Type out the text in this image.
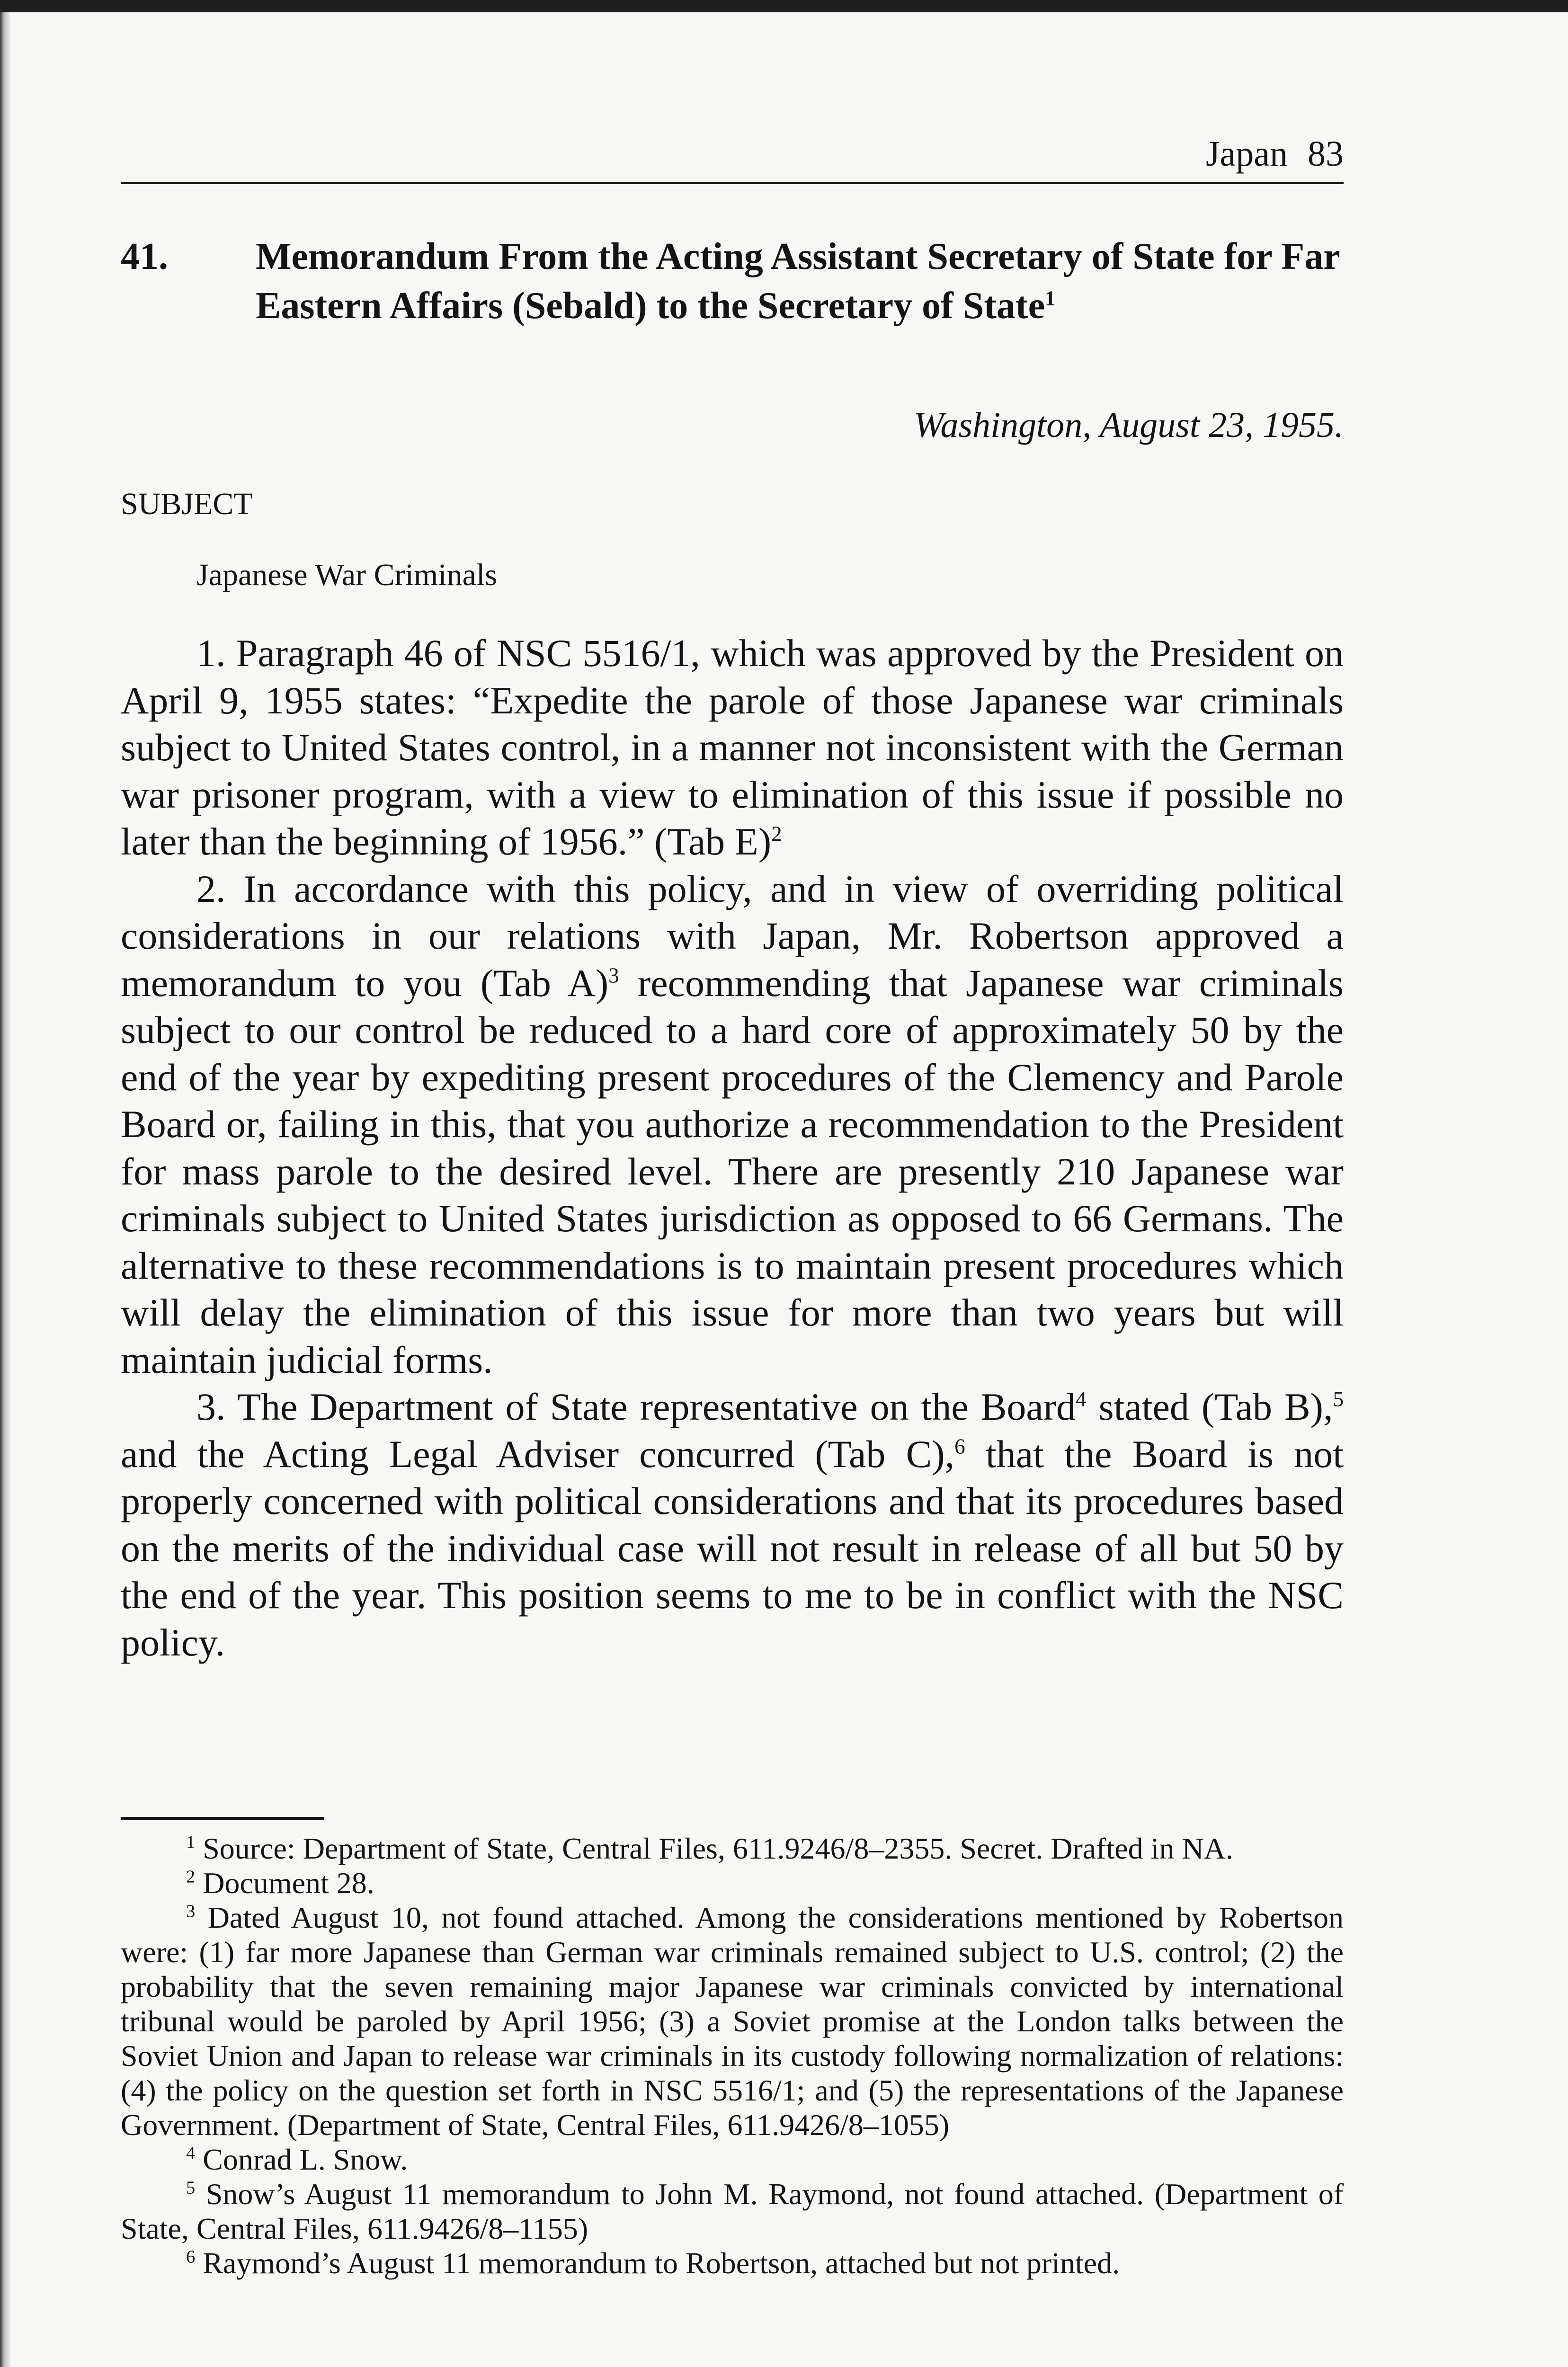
Japan 83
41. Memorandum From the Acting Assistant Secretary of State for Far Eastern Affairs (Sebald) to the Secretary of State$^1$
Washington, August 23, 1955.
SUBJECT
Japanese War Criminals

1. Paragraph 46 of NSC 5516/1, which was approved by the President on April 9, 1955 states: “Expedite the parole of those Japanese war criminals subject to United States control, in a manner not inconsistent with the German war prisoner program, with a view to elimination of this issue if possible no later than the beginning of 1956.” (Tab E)$^2$

2. In accordance with this policy, and in view of overriding political considerations in our relations with Japan, Mr. Robertson approved a memorandum to you (Tab A)$^3$ recommending that Japanese war criminals subject to our control be reduced to a hard core of approximately 50 by the end of the year by expediting present procedures of the Clemency and Parole Board or, failing in this, that you authorize a recommendation to the President for mass parole to the desired level. There are presently 210 Japanese war criminals subject to United States jurisdiction as opposed to 66 Germans. The alternative to these recommendations is to maintain present procedures which will delay the elimination of this issue for more than two years but will maintain judicial forms.

3. The Department of State representative on the Board$^4$ stated (Tab B),$^5$ and the Acting Legal Adviser concurred (Tab C),$^6$ that the Board is not properly concerned with political considerations and that its procedures based on the merits of the individual case will not result in release of all but 50 by the end of the year. This position seems to me to be in conflict with the NSC policy.

$^1$ Source: Department of State, Central Files, 611.9246/8–2355. Secret. Drafted in NA.

$^2$ Document 28.

$^3$ Dated August 10, not found attached. Among the considerations mentioned by Robertson were: (1) far more Japanese than German war criminals remained subject to U.S. control; (2) the probability that the seven remaining major Japanese war criminals convicted by international tribunal would be paroled by April 1956; (3) a Soviet promise at the London talks between the Soviet Union and Japan to release war criminals in its custody following normalization of relations: (4) the policy on the question set forth in NSC 5516/1; and (5) the representations of the Japanese Government. (Department of State, Central Files, 611.9426/8–1055)

$^4$ Conrad L. Snow.

$^5$ Snow’s August 11 memorandum to John M. Raymond, not found attached. (Department of State, Central Files, 611.9426/8–1155)

$^6$ Raymond’s August 11 memorandum to Robertson, attached but not printed.
